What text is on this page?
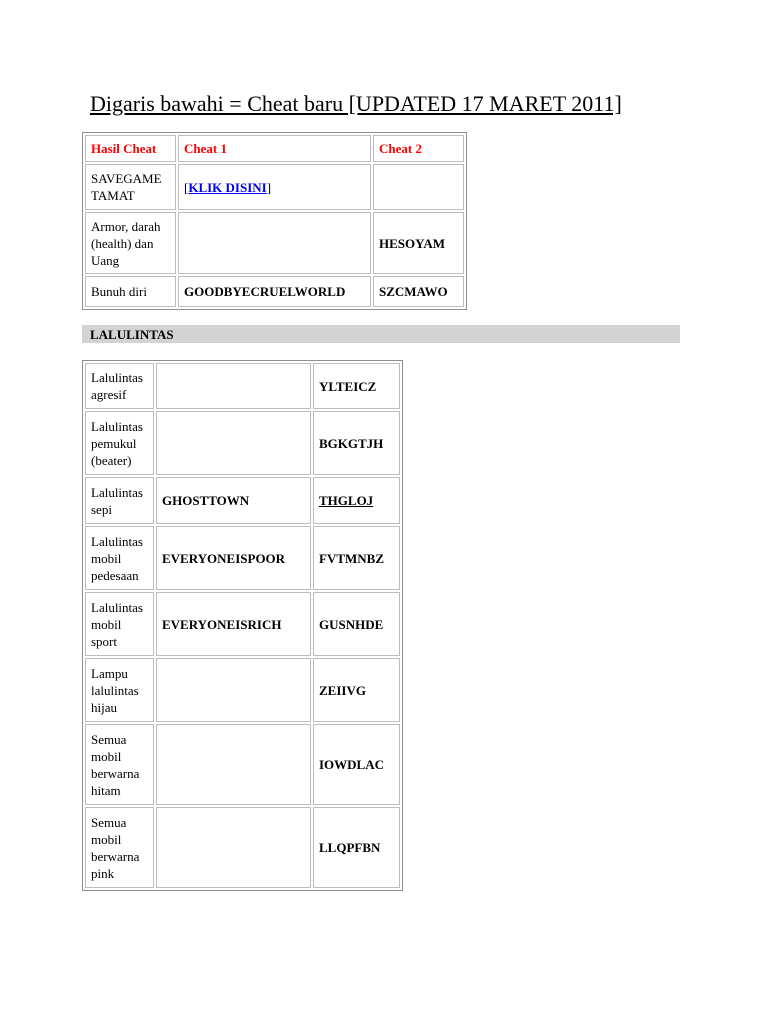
Digaris bawahi = Cheat baru [UPDATED 17 MARET 2011]
Hasil Cheat	Cheat 1	Cheat 2
SAVEGAME TAMAT	[KLIK DISINI]	
Armor, darah (health) dan Uang		HESOYAM
Bunuh diri	GOODBYECRUELWORLD	SZCMAWO
LALULINTAS
Lalulintas agresif		YLTEICZ
Lalulintas pemukul (beater)		BGKGTJH
Lalulintas sepi	GHOSTTOWN	THGLOJ
Lalulintas mobil pedesaan	EVERYONEISPOOR	FVTMNBZ
Lalulintas mobil sport	EVERYONEISRICH	GUSNHDE
Lampu lalulintas hijau		ZEIIVG
Semua mobil berwarna hitam		IOWDLAC
Semua mobil berwarna pink		LLQPFBN
